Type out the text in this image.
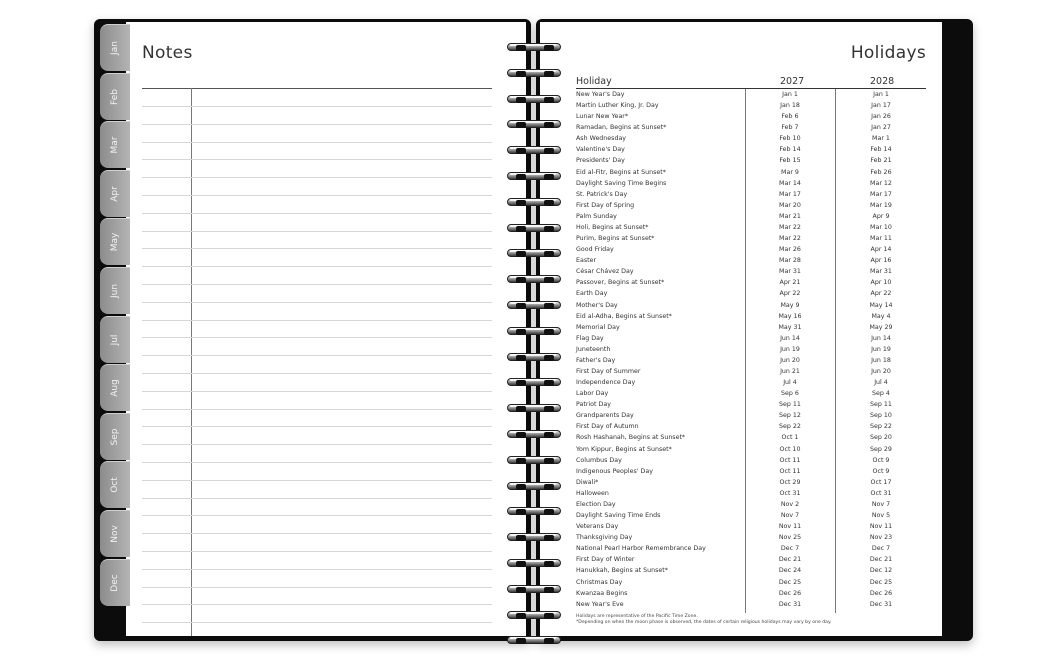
Notes
Jan
Feb
Mar
Apr
May
Jun
Jul
Aug
Sep
Oct
Nov
Dec
Holidays
Holiday	2027	2028
New Year's Day	Jan 1	Jan 1
Martin Luther King, Jr. Day	Jan 18	Jan 17
Lunar New Year*	Feb 6	Jan 26
Ramadan, Begins at Sunset*	Feb 7	Jan 27
Ash Wednesday	Feb 10	Mar 1
Valentine's Day	Feb 14	Feb 14
Presidents' Day	Feb 15	Feb 21
Eid al-Fitr, Begins at Sunset*	Mar 9	Feb 26
Daylight Saving Time Begins	Mar 14	Mar 12
St. Patrick's Day	Mar 17	Mar 17
First Day of Spring	Mar 20	Mar 19
Palm Sunday	Mar 21	Apr 9
Holi, Begins at Sunset*	Mar 22	Mar 10
Purim, Begins at Sunset*	Mar 22	Mar 11
Good Friday	Mar 26	Apr 14
Easter	Mar 28	Apr 16
César Chávez Day	Mar 31	Mar 31
Passover, Begins at Sunset*	Apr 21	Apr 10
Earth Day	Apr 22	Apr 22
Mother's Day	May 9	May 14
Eid al-Adha, Begins at Sunset*	May 16	May 4
Memorial Day	May 31	May 29
Flag Day	Jun 14	Jun 14
Juneteenth	Jun 19	Jun 19
Father's Day	Jun 20	Jun 18
First Day of Summer	Jun 21	Jun 20
Independence Day	Jul 4	Jul 4
Labor Day	Sep 6	Sep 4
Patriot Day	Sep 11	Sep 11
Grandparents Day	Sep 12	Sep 10
First Day of Autumn	Sep 22	Sep 22
Rosh Hashanah, Begins at Sunset*	Oct 1	Sep 20
Yom Kippur, Begins at Sunset*	Oct 10	Sep 29
Columbus Day	Oct 11	Oct 9
Indigenous Peoples' Day	Oct 11	Oct 9
Diwali*	Oct 29	Oct 17
Halloween	Oct 31	Oct 31
Election Day	Nov 2	Nov 7
Daylight Saving Time Ends	Nov 7	Nov 5
Veterans Day	Nov 11	Nov 11
Thanksgiving Day	Nov 25	Nov 23
National Pearl Harbor Remembrance Day	Dec 7	Dec 7
First Day of Winter	Dec 21	Dec 21
Hanukkah, Begins at Sunset*	Dec 24	Dec 12
Christmas Day	Dec 25	Dec 25
Kwanzaa Begins	Dec 26	Dec 26
New Year's Eve	Dec 31	Dec 31
Holidays are representative of the Pacific Time Zone.
*Depending on when the moon phase is observed, the dates of certain religious holidays may vary by one day.
